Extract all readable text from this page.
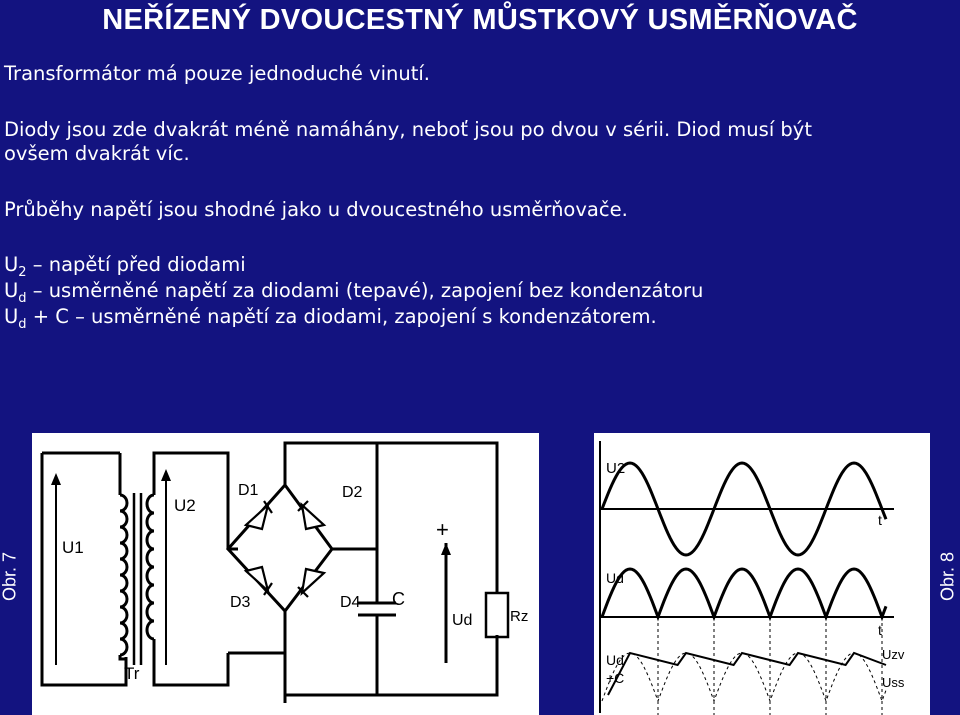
NEŘÍZENÝ DVOUCESTNÝ MŮSTKOVÝ USMĚRŇOVAČ
Transformátor má pouze jednoduché vinutí.
Diody jsou zde dvakrát méně namáhány, neboť jsou po dvou v sérii. Diod musí být
ovšem dvakrát víc.
Průběhy napětí jsou shodné jako u dvoucestného usměrňovače.
$U_2$ – napětí před diodami
$U_d$ – usměrněné napětí za diodami (tepavé), zapojení bez kondenzátoru
$U_d + C$ – usměrněné napětí za diodami, zapojení s kondenzátorem.
Obr. 7	Obr. 8
U1
U2
Tr
D1	D2
D3	D4 C
+
Ud	Rz
U2
t
Ud
t
Ud
+C
Uzv
Uss
